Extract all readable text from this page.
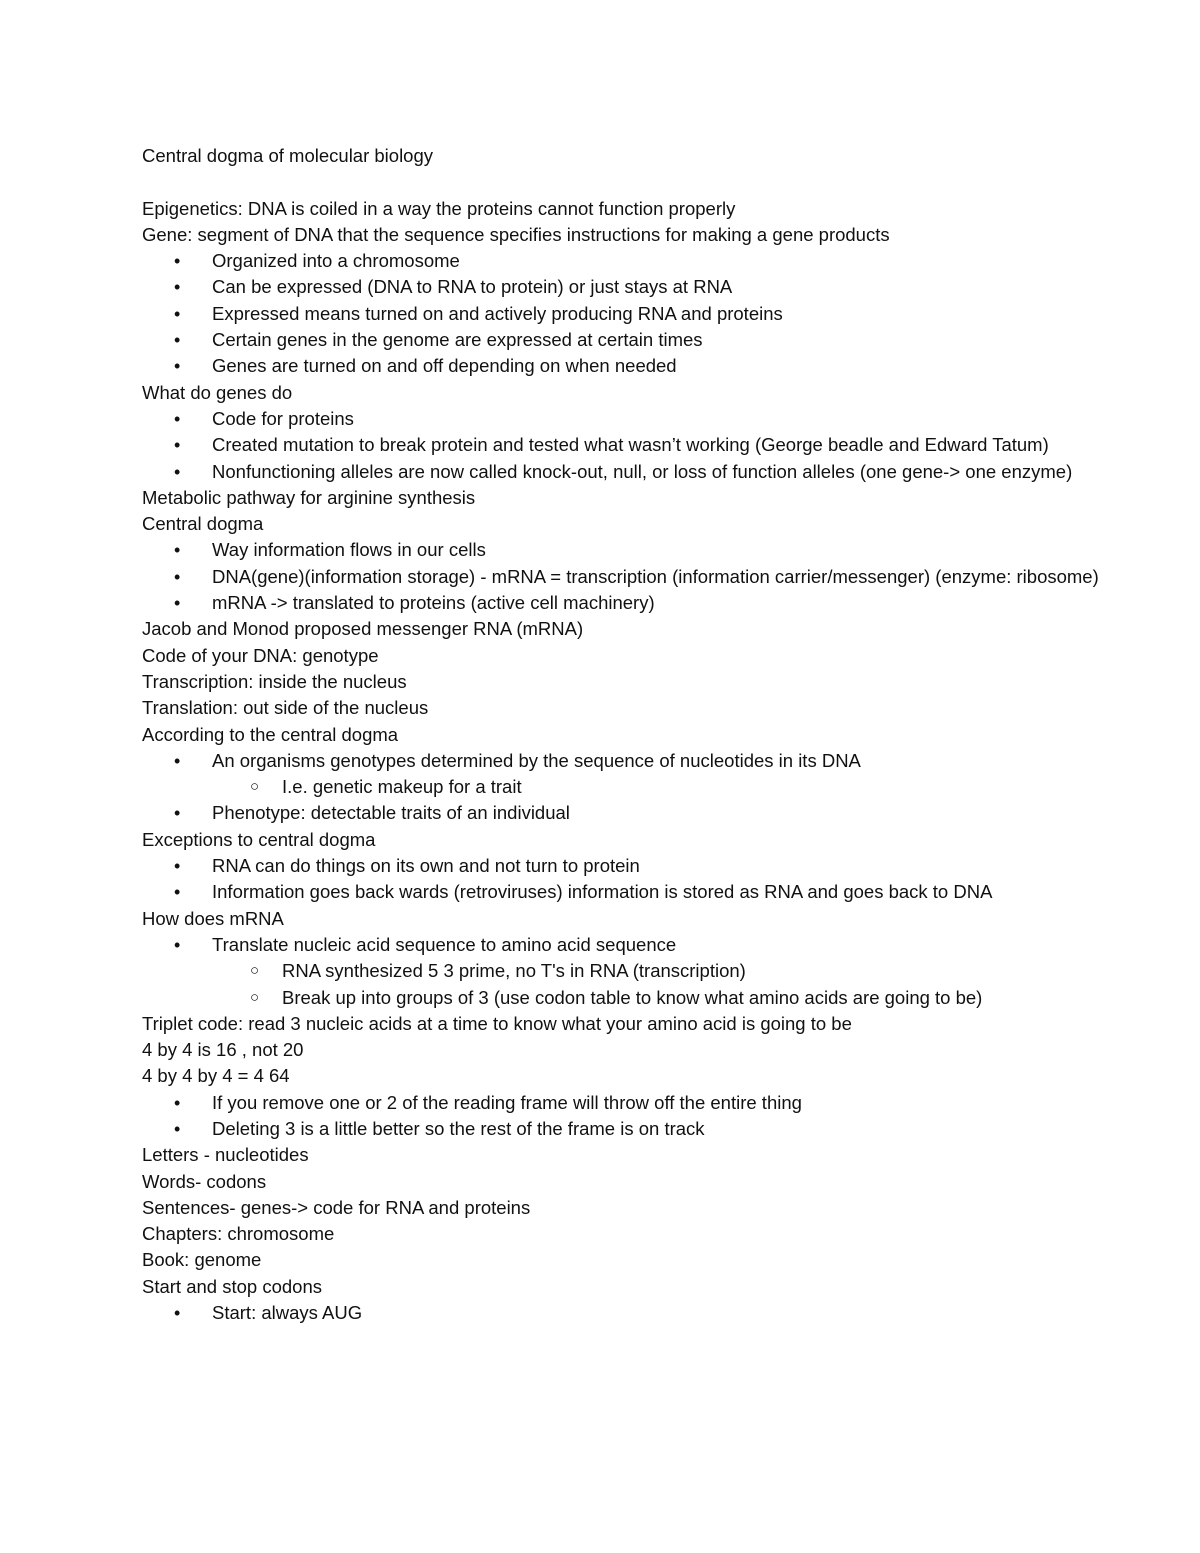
Central dogma of molecular biology
Epigenetics: DNA is coiled in a way the proteins cannot function properly
Gene: segment of DNA that the sequence specifies instructions for making a gene products
• Organized into a chromosome
• Can be expressed (DNA to RNA to protein) or just stays at RNA
• Expressed means turned on and actively producing RNA and proteins
• Certain genes in the genome are expressed at certain times
• Genes are turned on and off depending on when needed
What do genes do
• Code for proteins
• Created mutation to break protein and tested what wasn’t working (George beadle and Edward Tatum)
• Nonfunctioning alleles are now called knock-out, null, or loss of function alleles (one gene-> one enzyme)
Metabolic pathway for arginine synthesis
Central dogma
• Way information flows in our cells
• DNA(gene)(information storage) - mRNA = transcription (information carrier/messenger) (enzyme: ribosome)
• mRNA -> translated to proteins (active cell machinery)
Jacob and Monod proposed messenger RNA (mRNA)
Code of your DNA: genotype
Transcription: inside the nucleus
Translation: out side of the nucleus
According to the central dogma
• An organisms genotypes determined by the sequence of nucleotides in its DNA
○ I.e. genetic makeup for a trait
• Phenotype: detectable traits of an individual
Exceptions to central dogma
• RNA can do things on its own and not turn to protein
• Information goes back wards (retroviruses) information is stored as RNA and goes back to DNA
How does mRNA
• Translate nucleic acid sequence to amino acid sequence
○ RNA synthesized 5 3 prime, no T's in RNA (transcription)
○ Break up into groups of 3 (use codon table to know what amino acids are going to be)
Triplet code: read 3 nucleic acids at a time to know what your amino acid is going to be
4 by 4 is 16 , not 20
4 by 4 by 4 = 4 64
• If you remove one or 2 of the reading frame will throw off the entire thing
• Deleting 3 is a little better so the rest of the frame is on track
Letters - nucleotides
Words- codons
Sentences- genes-> code for RNA and proteins
Chapters: chromosome
Book: genome
Start and stop codons
• Start: always AUG
